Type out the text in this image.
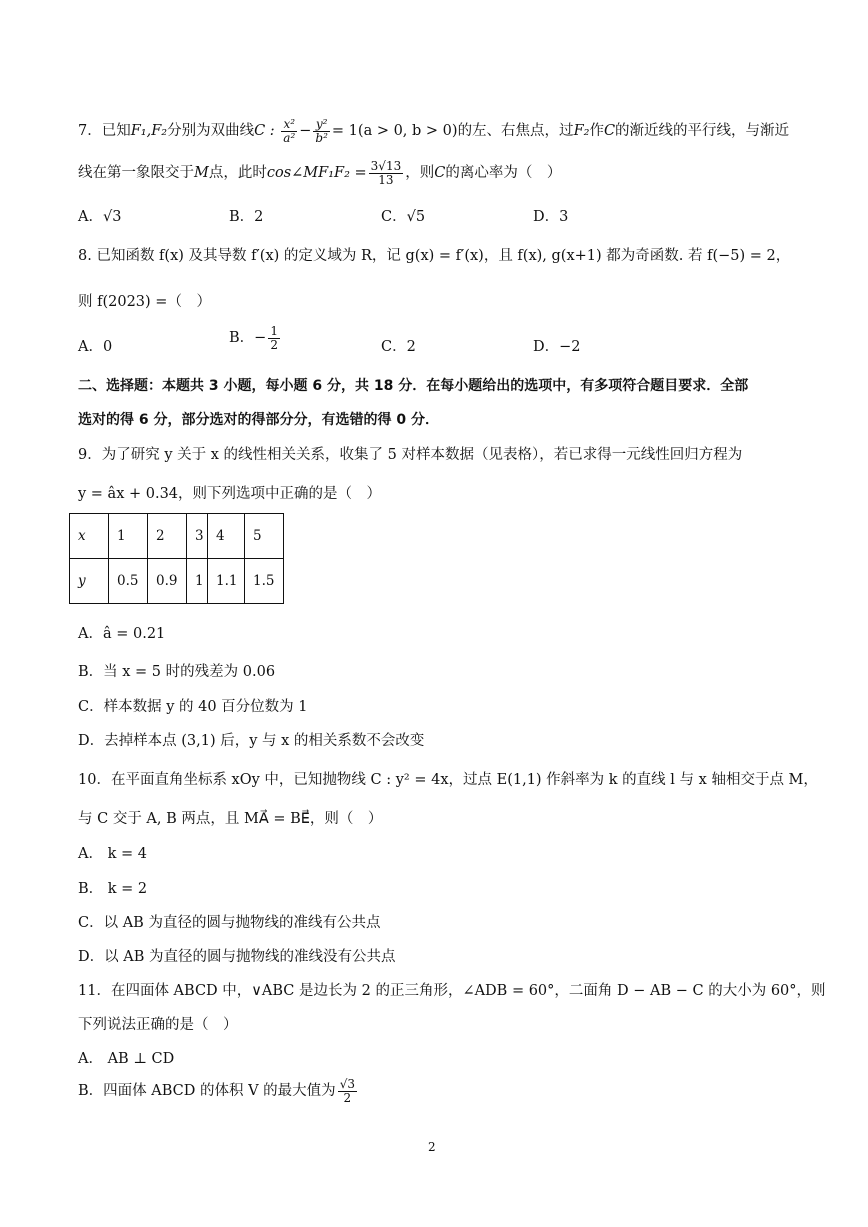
7．已知F₁,F₂分别为双曲线C : $\frac{\text{x²}}{\text{a²}} - \frac{\text{y²}}{\text{b²}} = 1(a > 0$, b > 0)的左、右焦点，过F₂作C的渐近线的平行线，与渐近
线在第一象限交于M点，此时cos∠MF₁F₂ = $\frac{3√13}{13}$ ，则C的离心率为（　）
A．√3	B．2	C．√5	D．3
8. 已知函数 f(x) 及其导数 f′(x) 的定义域为 R，记 g(x) = f′(x)，且 f(x), g(x+1) 都为奇函数. 若 f(−5) = 2，
则 f(2023) =（　）
A．0
B．− $\frac{1}{2}$	C．2	D．−2
二、选择题：本题共 3 小题，每小题 6 分，共 18 分．在每小题给出的选项中，有多项符合题目要求．全部
选对的得 6 分，部分选对的得部分分，有选错的得 0 分．
9．为了研究 y 关于 x 的线性相关关系，收集了 5 对样本数据（见表格），若已求得一元线性回归方程为
y = âx + 0.34，则下列选项中正确的是（　）
x	1	2	3	4	5
y	0.5	0.9	1	1.1	1.5
A．â = 0.21
B．当 x = 5 时的残差为 0.06
C．样本数据 y 的 40 百分位数为 1
D．去掉样本点 (3,1) 后，y 与 x 的相关系数不会改变
10．在平面直角坐标系 xOy 中，已知抛物线 C : y² = 4x，过点 E(1,1) 作斜率为 k 的直线 l 与 x 轴相交于点 M，
与 C 交于 A, B 两点，且 MA⃗ = BE⃗，则（　）
A． k = 4
B． k = 2
C．以 AB 为直径的圆与抛物线的准线有公共点
D．以 AB 为直径的圆与抛物线的准线没有公共点
11．在四面体 ABCD 中，∨ABC 是边长为 2 的正三角形，∠ADB = 60°，二面角 D − AB − C 的大小为 60°，则
下列说法正确的是（　）
A． AB ⊥ CD
B．四面体 ABCD 的体积 V 的最大值为 $\frac{√3}{2}$
2
